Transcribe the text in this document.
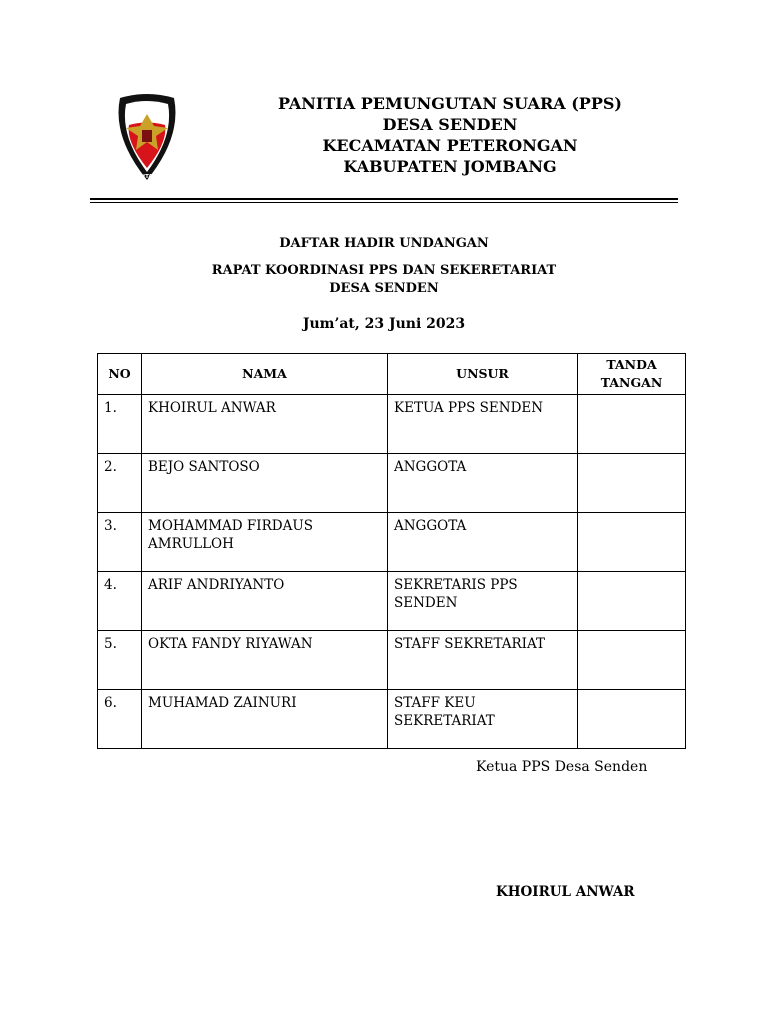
PANITIA
PEMUNGUTAN SUARA
PANITIA PEMUNGUTAN SUARA (PPS)
DESA SENDEN
KECAMATAN PETERONGAN
KABUPATEN JOMBANG
DAFTAR HADIR UNDANGAN
RAPAT KOORDINASI PPS DAN SEKERETARIAT
DESA SENDEN
Jum’at, 23 Juni 2023
NO	NAMA	UNSUR	TANDA TANGAN
1.	KHOIRUL ANWAR	KETUA PPS SENDEN	
2.	BEJO SANTOSO	ANGGOTA	
3.	MOHAMMAD FIRDAUS AMRULLOH	ANGGOTA	
4.	ARIF ANDRIYANTO	SEKRETARIS PPS SENDEN	
5.	OKTA FANDY RIYAWAN	STAFF SEKRETARIAT	
6.	MUHAMAD ZAINURI	STAFF KEU SEKRETARIAT	
Ketua PPS Desa Senden
KHOIRUL ANWAR
